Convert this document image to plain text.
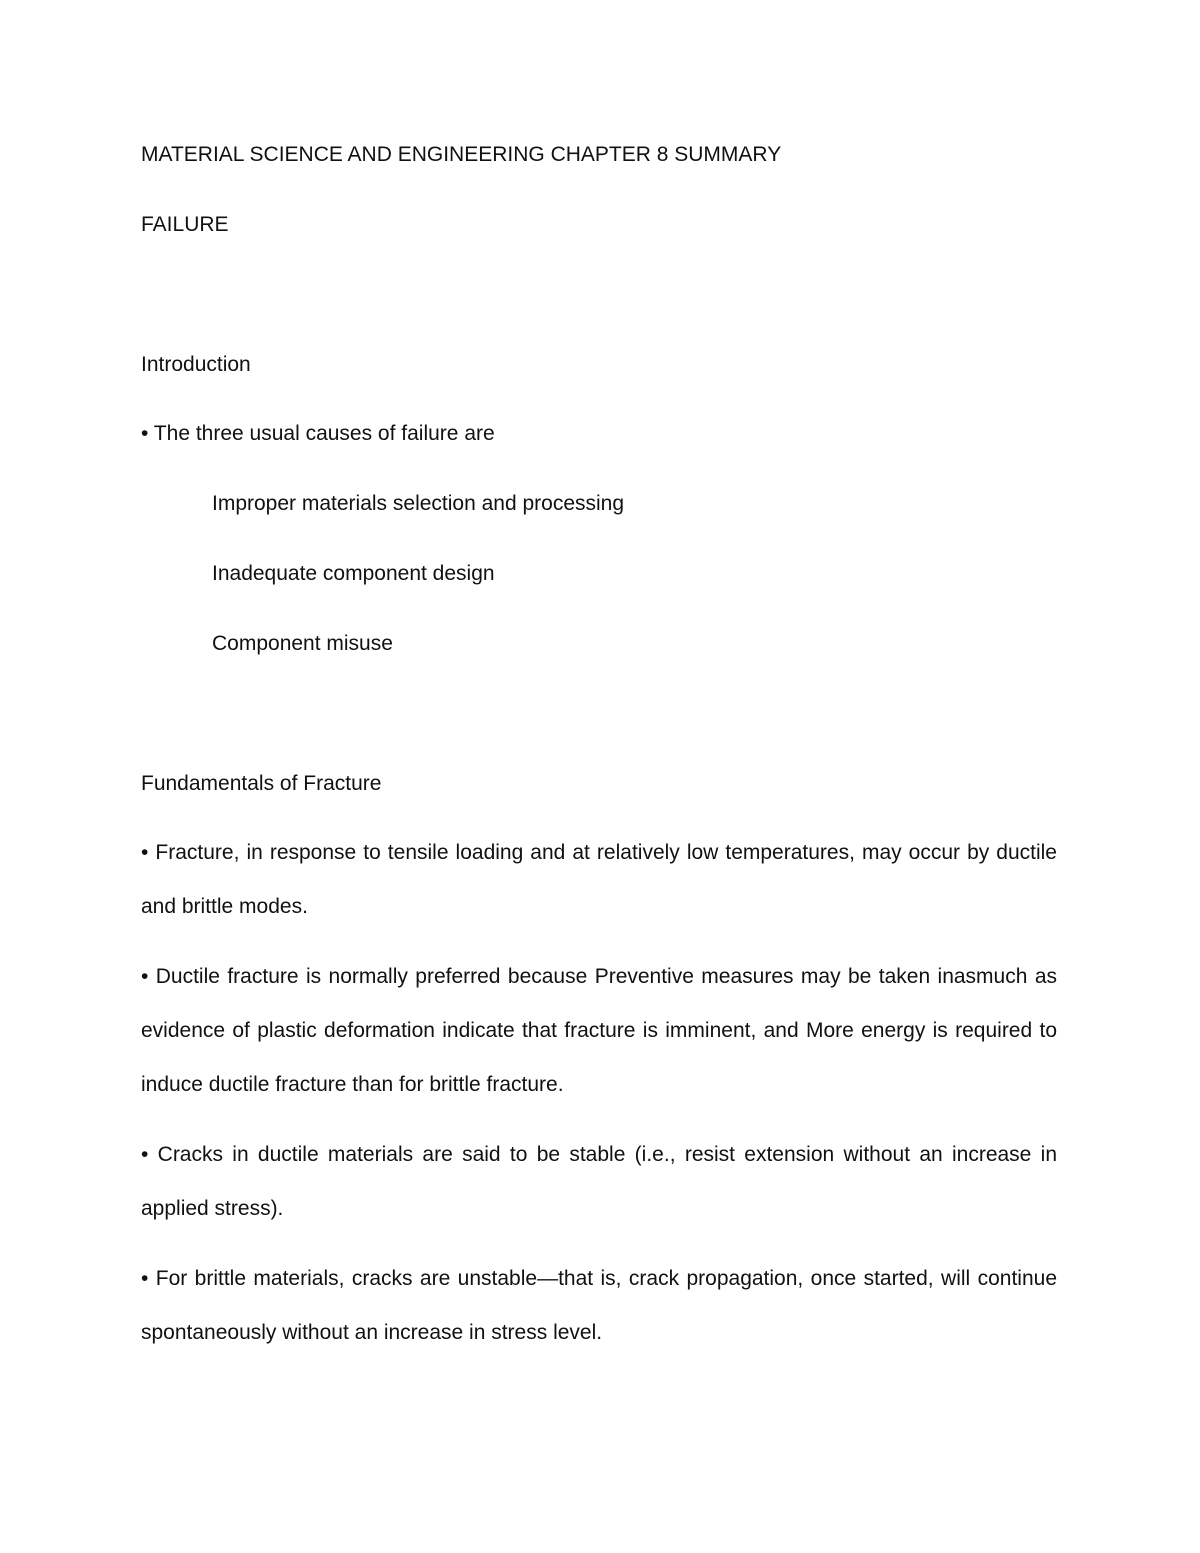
MATERIAL SCIENCE AND ENGINEERING CHAPTER 8 SUMMARY

FAILURE

Introduction

• The three usual causes of failure are

Improper materials selection and processing

Inadequate component design

Component misuse

Fundamentals of Fracture

• Fracture, in response to tensile loading and at relatively low temperatures, may occur by ductile and brittle modes.

• Ductile fracture is normally preferred because Preventive measures may be taken inasmuch as evidence of plastic deformation indicate that fracture is imminent, and More energy is required to induce ductile fracture than for brittle fracture.

• Cracks in ductile materials are said to be stable (i.e., resist extension without an increase in applied stress).

• For brittle materials, cracks are unstable—that is, crack propagation, once started, will continue spontaneously without an increase in stress level.
